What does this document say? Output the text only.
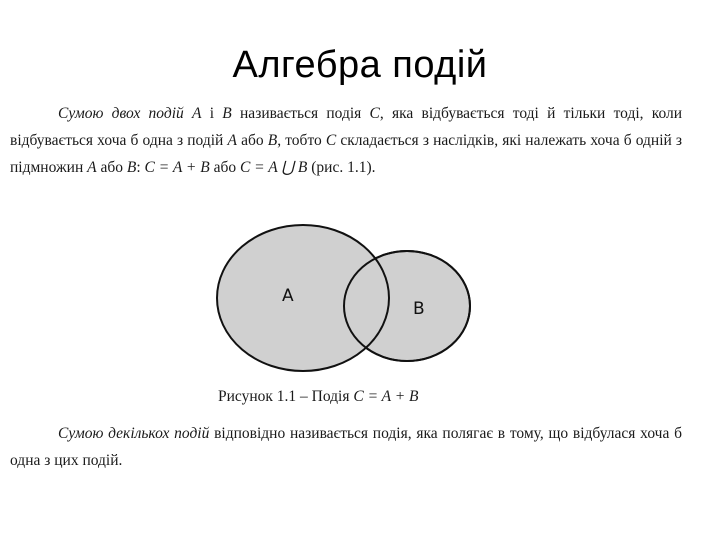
Алгебра подій
Сумою двох подій A і B називається подія C, яка відбувається тоді й тільки тоді, коли відбувається хоча б одна з подій A або B, тобто C складається з наслідків, які належать хоча б одній з підмножин A або B: C = A + B або C = A ⋃ B (рис. 1.1).
A
B
Рисунок 1.1 – Подія C = A + B
Сумою декількох подій відповідно називається подія, яка полягає в тому, що відбулася хоча б одна з цих подій.
